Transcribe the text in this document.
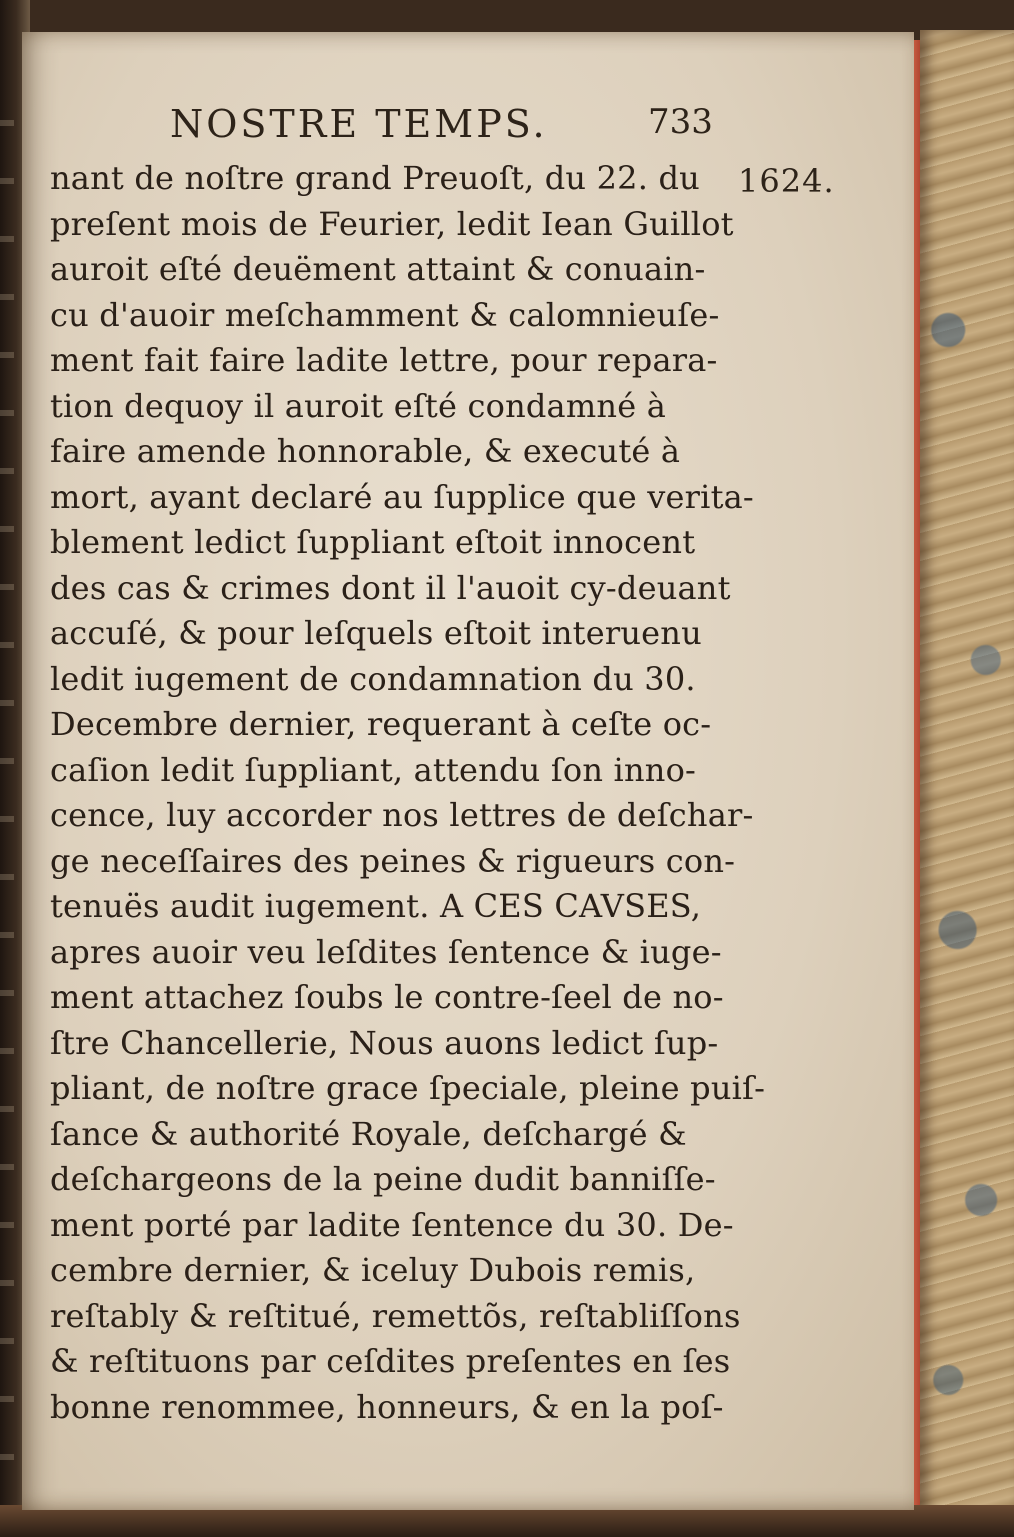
NOSTRE TEMPS.	733
1624.
nant de noſtre grand Preuoſt, du 22. du
preſent mois de Feurier, ledit Iean Guillot
auroit eſté deuëment attaint & conuain-
cu d'auoir meſchamment & calomnieuſe-
ment fait faire ladite lettre, pour repara-
tion dequoy il auroit eſté condamné à
faire amende honnorable, & executé à
mort, ayant declaré au ſupplice que verita-
blement ledict ſuppliant eſtoit innocent
des cas & crimes dont il l'auoit cy-deuant
accuſé, & pour leſquels eſtoit interuenu
ledit iugement de condamnation du 30.
Decembre dernier, requerant à ceſte oc-
caſion ledit ſuppliant, attendu ſon inno-
cence, luy accorder nos lettres de deſchar-
ge neceſſaires des peines & rigueurs con-
tenuës audit iugement. A CES CAVSES,
apres auoir veu leſdites ſentence & iuge-
ment attachez ſoubs le contre-ſeel de no-
ſtre Chancellerie, Nous auons ledict ſup-
pliant, de noſtre grace ſpeciale, pleine puiſ-
ſance & authorité Royale, deſchargé &
deſchargeons de la peine dudit banniſſe-
ment porté par ladite ſentence du 30. De-
cembre dernier, & iceluy Dubois remis,
reſtably & reſtitué, remettõs, reſtabliſſons
& reſtituons par ceſdites preſentes en ſes
bonne renommee, honneurs, & en la poſ-
